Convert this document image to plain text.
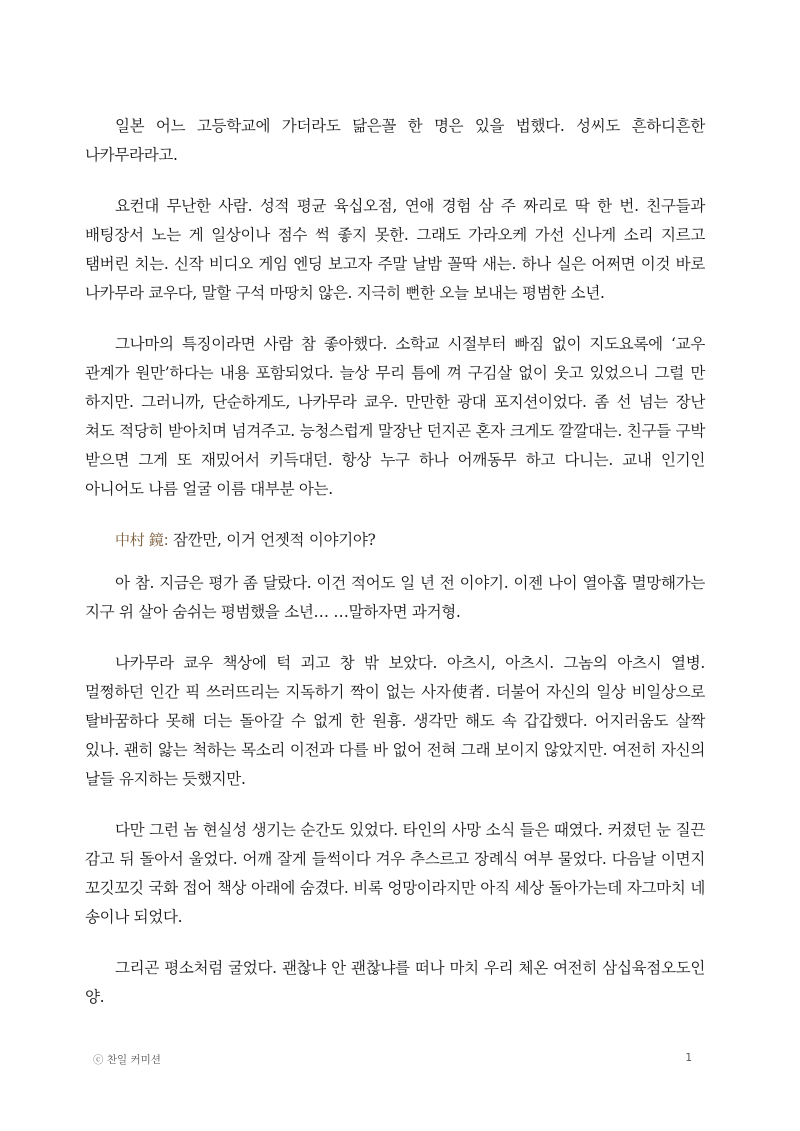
일본 어느 고등학교에 가더라도 닮은꼴 한 명은 있을 법했다. 성씨도 흔하디흔한 나카무라라고.

요컨대 무난한 사람. 성적 평균 육십오점, 연애 경험 삼 주 짜리로 딱 한 번. 친구들과 배팅장서 노는 게 일상이나 점수 썩 좋지 못한. 그래도 가라오케 가선 신나게 소리 지르고 탬버린 치는. 신작 비디오 게임 엔딩 보고자 주말 날밤 꼴딱 새는. 하나 실은 어쩌면 이것 바로 나카무라 쿄우다, 말할 구석 마땅치 않은. 지극히 뻔한 오늘 보내는 평범한 소년.

그나마의 특징이라면 사람 참 좋아했다. 소학교 시절부터 빠짐 없이 지도요록에 ‘교우 관계가 원만’하다는 내용 포함되었다. 늘상 무리 틈에 껴 구김살 없이 웃고 있었으니 그럴 만 하지만. 그러니까, 단순하게도, 나카무라 쿄우. 만만한 광대 포지션이었다. 좀 선 넘는 장난 쳐도 적당히 받아치며 넘겨주고. 능청스럽게 말장난 던지곤 혼자 크게도 깔깔대는. 친구들 구박 받으면 그게 또 재밌어서 키득대던. 항상 누구 하나 어깨동무 하고 다니는. 교내 인기인 아니어도 나름 얼굴 이름 대부분 아는.

中村 鏡: 잠깐만, 이거 언젯적 이야기야?

아 참. 지금은 평가 좀 달랐다. 이건 적어도 일 년 전 이야기. 이젠 나이 열아홉 멸망해가는 지구 위 살아 숨쉬는 평범했을 소년… …말하자면 과거형.

나카무라 쿄우 책상에 턱 괴고 창 밖 보았다. 아츠시, 아츠시. 그놈의 아츠시 열병. 멀쩡하던 인간 픽 쓰러뜨리는 지독하기 짝이 없는 사자使者. 더불어 자신의 일상 비일상으로 탈바꿈하다 못해 더는 돌아갈 수 없게 한 원흉. 생각만 해도 속 갑갑했다. 어지러움도 살짝 있나. 괜히 앓는 척하는 목소리 이전과 다를 바 없어 전혀 그래 보이지 않았지만. 여전히 자신의 날들 유지하는 듯했지만.

다만 그런 놈 현실성 생기는 순간도 있었다. 타인의 사망 소식 들은 때였다. 커졌던 눈 질끈 감고 뒤 돌아서 울었다. 어깨 잘게 들썩이다 겨우 추스르고 장례식 여부 물었다. 다음날 이면지 꼬깃꼬깃 국화 접어 책상 아래에 숨겼다. 비록 엉망이라지만 아직 세상 돌아가는데 자그마치 네 송이나 되었다.

그리곤 평소처럼 굴었다. 괜찮냐 안 괜찮냐를 떠나 마치 우리 체온 여전히 삼십육점오도인 양.

ⓒ 찬일 커미션	1
